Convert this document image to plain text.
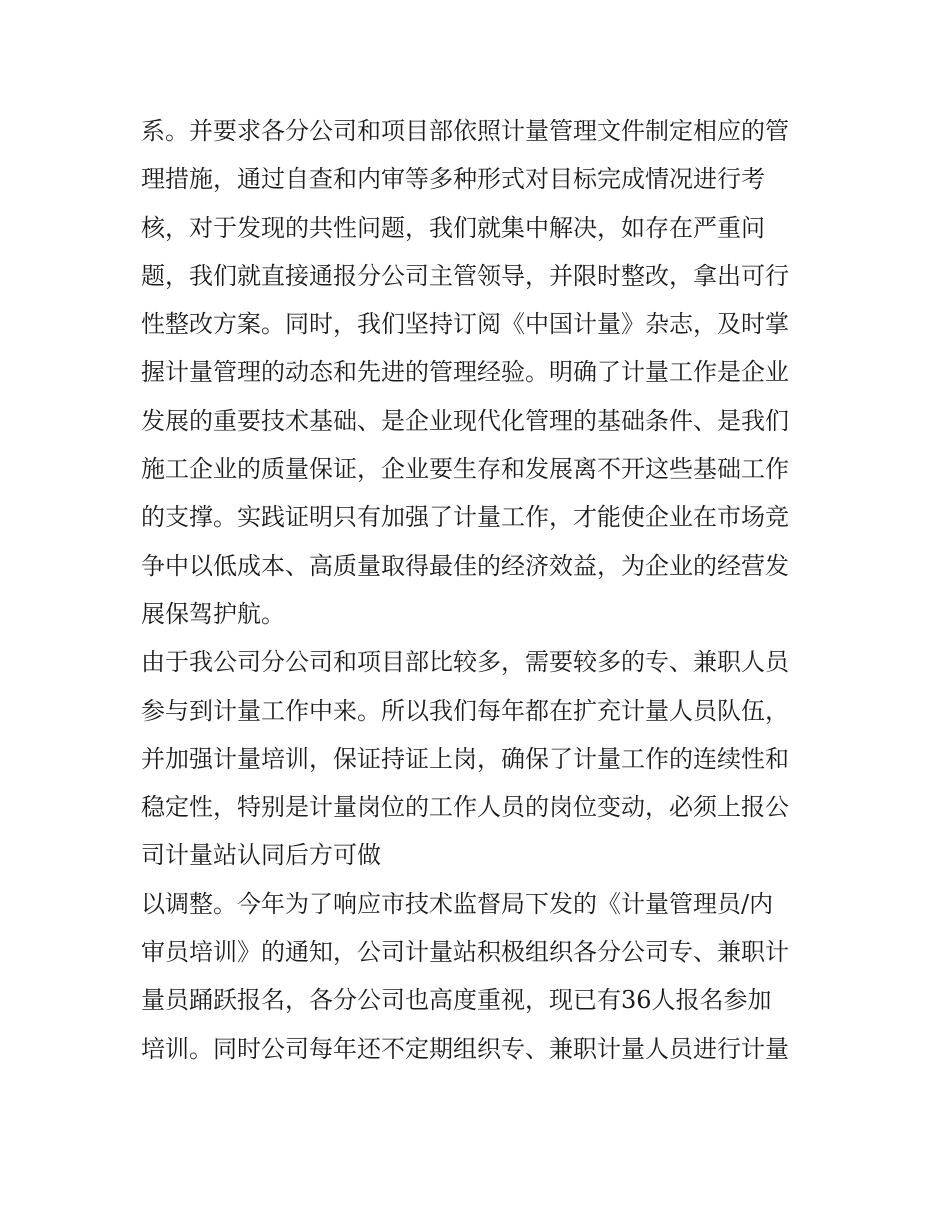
系。并要求各分公司和项目部依照计量管理文件制定相应的管
理措施，通过自查和内审等多种形式对目标完成情况进行考
核，对于发现的共性问题，我们就集中解决，如存在严重问
题，我们就直接通报分公司主管领导，并限时整改，拿出可行
性整改方案。同时，我们坚持订阅《中国计量》杂志，及时掌
握计量管理的动态和先进的管理经验。明确了计量工作是企业
发展的重要技术基础、是企业现代化管理的基础条件、是我们
施工企业的质量保证，企业要生存和发展离不开这些基础工作
的支撑。实践证明只有加强了计量工作，才能使企业在市场竞
争中以低成本、高质量取得最佳的经济效益，为企业的经营发
展保驾护航。
由于我公司分公司和项目部比较多，需要较多的专、兼职人员
参与到计量工作中来。所以我们每年都在扩充计量人员队伍，
并加强计量培训，保证持证上岗，确保了计量工作的连续性和
稳定性，特别是计量岗位的工作人员的岗位变动，必须上报公
司计量站认同后方可做
以调整。今年为了响应市技术监督局下发的《计量管理员/内
审员培训》的通知，公司计量站积极组织各分公司专、兼职计
量员踊跃报名，各分公司也高度重视，现已有36人报名参加
培训。同时公司每年还不定期组织专、兼职计量人员进行计量
